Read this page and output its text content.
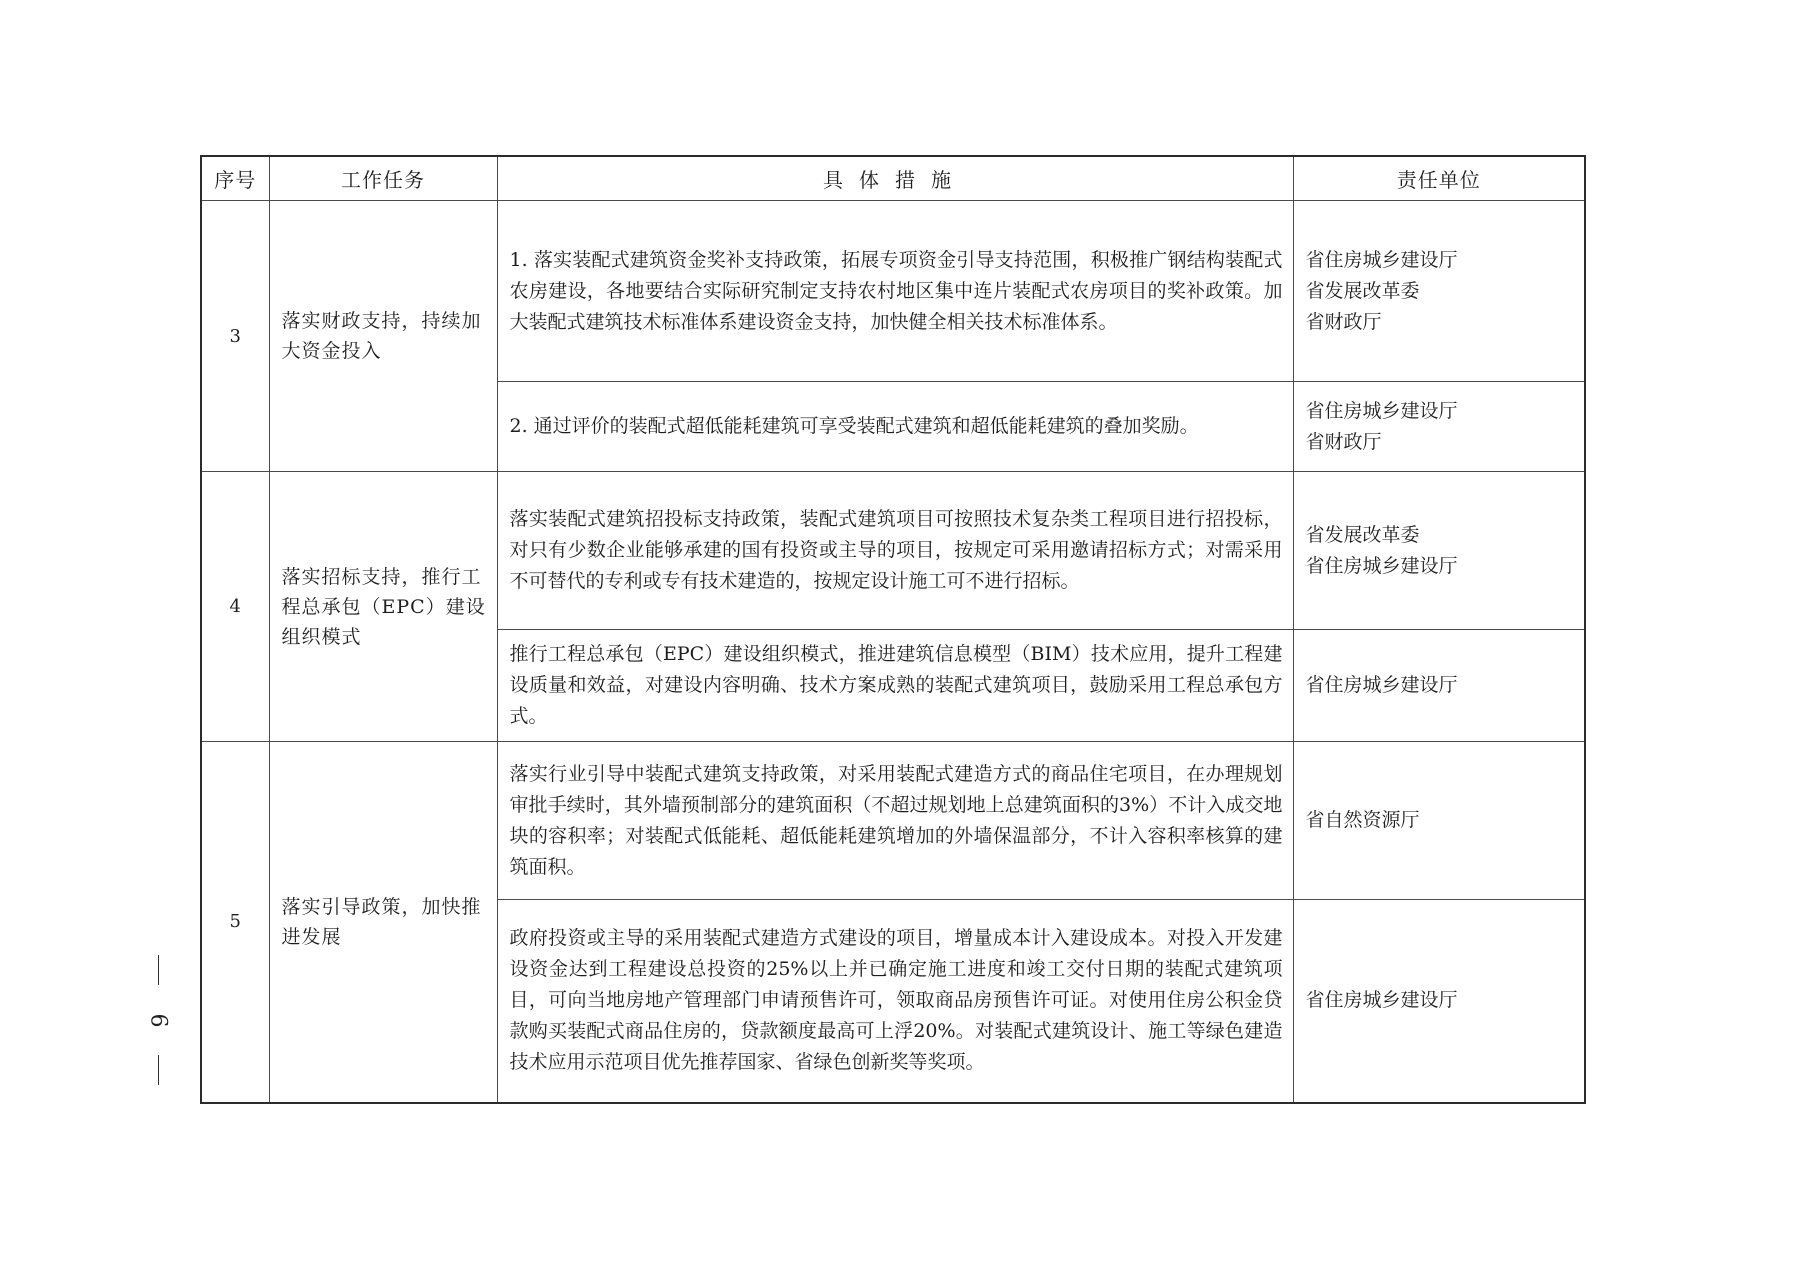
序号	工作任务	具体措施	责任单位
3	落实财政支持，持续加大资金投入	1. 落实装配式建筑资金奖补支持政策，拓展专项资金引导支持范围，积极推广钢结构装配式农房建设，各地要结合实际研究制定支持农村地区集中连片装配式农房项目的奖补政策。加大装配式建筑技术标准体系建设资金支持，加快健全相关技术标准体系。	省住房城乡建设厅
省发展改革委
省财政厅
		2. 通过评价的装配式超低能耗建筑可享受装配式建筑和超低能耗建筑的叠加奖励。	省住房城乡建设厅
省财政厅
4	落实招标支持，推行工程总承包（EPC）建设组织模式	落实装配式建筑招投标支持政策，装配式建筑项目可按照技术复杂类工程项目进行招投标，对只有少数企业能够承建的国有投资或主导的项目，按规定可采用邀请招标方式；对需采用不可替代的专利或专有技术建造的，按规定设计施工可不进行招标。	省发展改革委
省住房城乡建设厅
		推行工程总承包（EPC）建设组织模式，推进建筑信息模型（BIM）技术应用，提升工程建设质量和效益，对建设内容明确、技术方案成熟的装配式建筑项目，鼓励采用工程总承包方式。	省住房城乡建设厅
5	落实引导政策，加快推进发展	落实行业引导中装配式建筑支持政策，对采用装配式建造方式的商品住宅项目，在办理规划审批手续时，其外墙预制部分的建筑面积（不超过规划地上总建筑面积的3%）不计入成交地块的容积率；对装配式低能耗、超低能耗建筑增加的外墙保温部分，不计入容积率核算的建筑面积。	省自然资源厅
		政府投资或主导的采用装配式建造方式建设的项目，增量成本计入建设成本。对投入开发建设资金达到工程建设总投资的25%以上并已确定施工进度和竣工交付日期的装配式建筑项目，可向当地房地产管理部门申请预售许可，领取商品房预售许可证。对使用住房公积金贷款购买装配式商品住房的，贷款额度最高可上浮20%。对装配式建筑设计、施工等绿色建造技术应用示范项目优先推荐国家、省绿色创新奖等奖项。	省住房城乡建设厅
6
